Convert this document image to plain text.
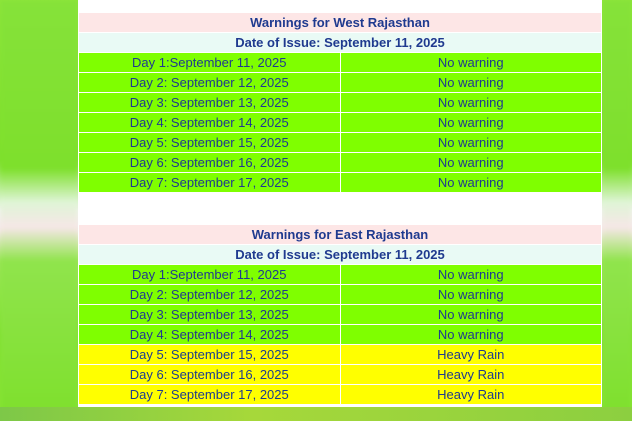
Warnings for West Rajasthan	
Date of Issue: September 11, 2025	
Day 1:September 11, 2025	No warning
Day 2: September 12, 2025	No warning
Day 3: September 13, 2025	No warning
Day 4: September 14, 2025	No warning
Day 5: September 15, 2025	No warning
Day 6: September 16, 2025	No warning
Day 7: September 17, 2025	No warning
Warnings for East Rajasthan	
Date of Issue: September 11, 2025	
Day 1:September 11, 2025	No warning
Day 2: September 12, 2025	No warning
Day 3: September 13, 2025	No warning
Day 4: September 14, 2025	No warning
Day 5: September 15, 2025	Heavy Rain
Day 6: September 16, 2025	Heavy Rain
Day 7: September 17, 2025	Heavy Rain
